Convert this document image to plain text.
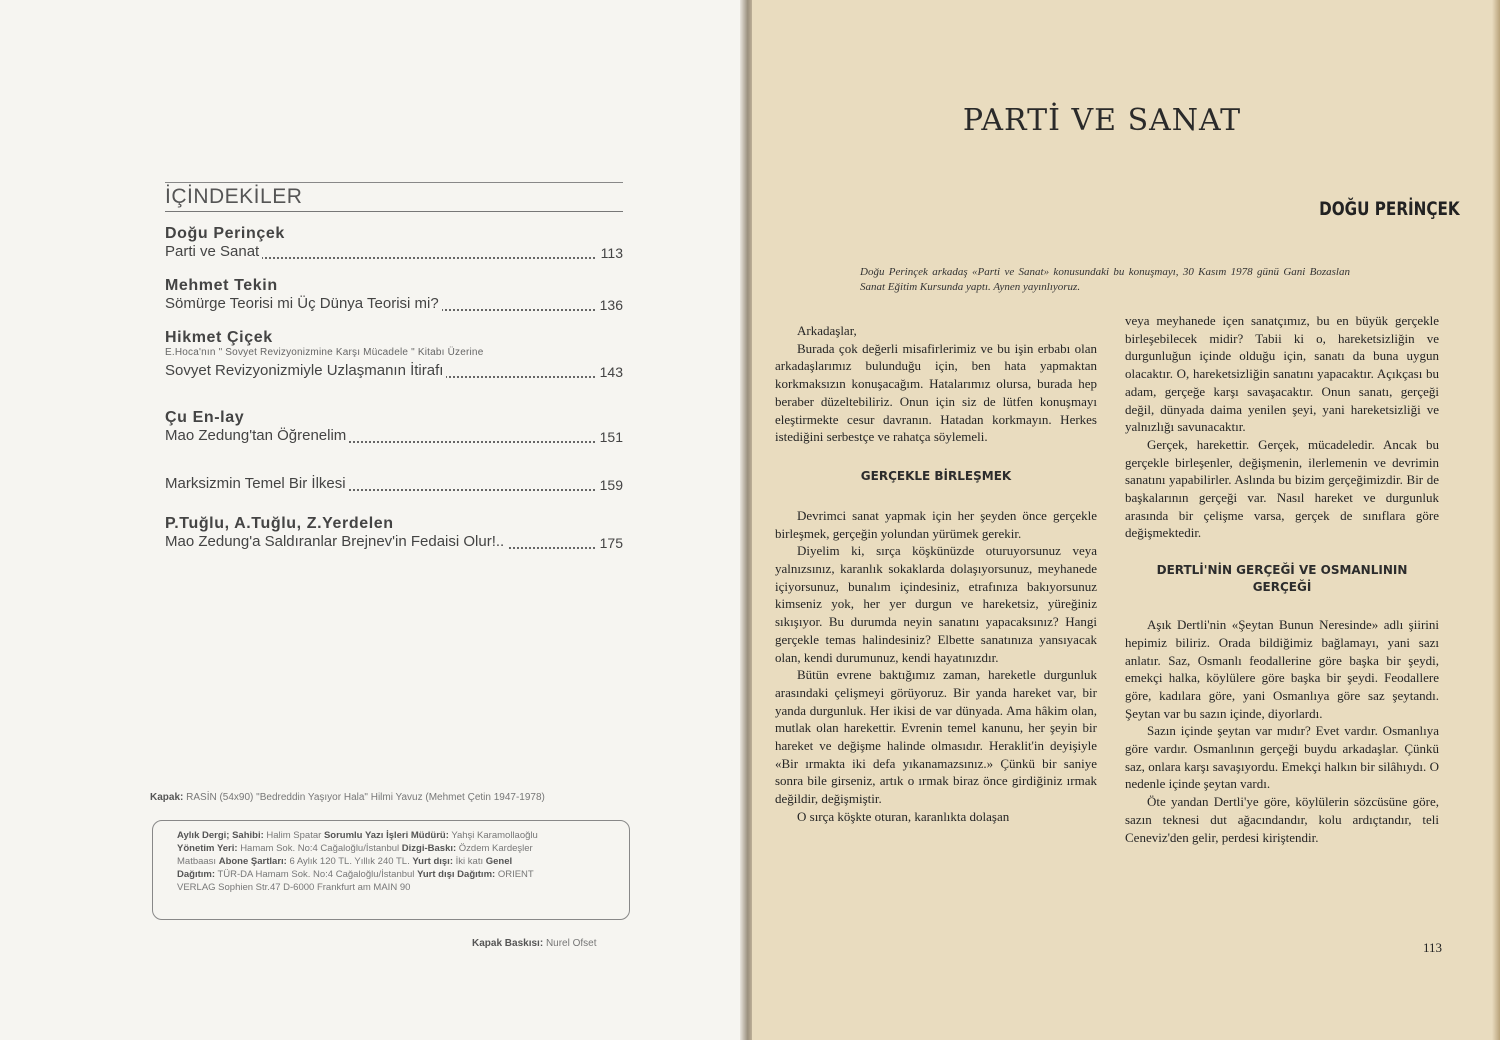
İÇİNDEKİLER
Doğu Perinçek
Parti ve Sanat	113
Mehmet Tekin
Sömürge Teorisi mi Üç Dünya Teorisi mi?	136
Hikmet Çiçek
E.Hoca'nın " Sovyet Revizyonizmine Karşı Mücadele " Kitabı Üzerine
Sovyet Revizyonizmiyle Uzlaşmanın İtirafı	143
Çu En-lay
Mao Zedung'tan Öğrenelim	151
Marksizmin Temel Bir İlkesi	159
P.Tuğlu, A.Tuğlu, Z.Yerdelen
Mao Zedung'a Saldıranlar Brejnev'in Fedaisi Olur!..	175
Kapak: RASİN (54x90) "Bedreddin Yaşıyor Hala" Hilmi Yavuz (Mehmet Çetin 1947-1978)
Aylık Dergi; Sahibi: Halim Spatar Sorumlu Yazı İşleri Müdürü: Yahşi Karamollaoğlu
Yönetim Yeri: Hamam Sok. No:4 Cağaloğlu/İstanbul Dizgi-Baskı: Özdem Kardeşler
Matbaası Abone Şartları: 6 Aylık 120 TL. Yıllık 240 TL. Yurt dışı: İki katı Genel
Dağıtım: TÜR-DA Hamam Sok. No:4 Cağaloğlu/İstanbul Yurt dışı Dağıtım: ORIENT
VERLAG Sophien Str.47 D-6000 Frankfurt am MAIN 90
Kapak Baskısı: Nurel Ofset
PARTİ VE SANAT
DOĞU PERİNÇEK
Doğu Perinçek arkadaş «Parti ve Sanat» konusundaki bu konuşmayı, 30 Kasım 1978 günü Gani Bozaslan Sanat Eğitim Kursunda yaptı. Aynen yayınlıyoruz.

Arkadaşlar,

Burada çok değerli misafirlerimiz ve bu işin erbabı olan arkadaşlarımız bulunduğu için, ben hata yapmaktan korkmaksızın konuşacağım. Hatalarımız olursa, burada hep beraber düzeltebiliriz. Onun için siz de lütfen konuşmayı eleştirmekte cesur davranın. Hatadan korkmayın. Herkes istediğini serbestçe ve rahatça söylemeli.

GERÇEKLE BİRLEŞMEK

Devrimci sanat yapmak için her şeyden önce gerçekle birleşmek, gerçeğin yolundan yürümek gerekir.

Diyelim ki, sırça köşkünüzde oturuyorsunuz veya yalnızsınız, karanlık sokaklarda dolaşıyorsunuz, meyhanede içiyorsunuz, bunalım içindesiniz, etrafınıza bakıyorsunuz kimseniz yok, her yer durgun ve hareketsiz, yüreğiniz sıkışıyor. Bu durumda neyin sanatını yapacaksınız? Hangi gerçekle temas halindesiniz? Elbette sanatınıza yansıyacak olan, kendi durumunuz, kendi hayatınızdır.

Bütün evrene baktığımız zaman, hareketle durgunluk arasındaki çelişmeyi görüyoruz. Bir yanda hareket var, bir yanda durgunluk. Her ikisi de var dünyada. Ama hâkim olan, mutlak olan harekettir. Evrenin temel kanunu, her şeyin bir hareket ve değişme halinde olmasıdır. Heraklit'in deyişiyle «Bir ırmakta iki defa yıkanamazsınız.» Çünkü bir saniye sonra bile girseniz, artık o ırmak biraz önce girdiğiniz ırmak değildir, değişmiştir.

O sırça köşkte oturan, karanlıkta dolaşan

veya meyhanede içen sanatçımız, bu en büyük gerçekle birleşebilecek midir? Tabii ki o, hareketsizliğin ve durgunluğun içinde olduğu için, sanatı da buna uygun olacaktır. O, hareketsizliğin sanatını yapacaktır. Açıkçası bu adam, gerçeğe karşı savaşacaktır. Onun sanatı, gerçeği değil, dünyada daima yenilen şeyi, yani hareketsizliği ve yalnızlığı savunacaktır.

Gerçek, harekettir. Gerçek, mücadeledir. Ancak bu gerçekle birleşenler, değişmenin, ilerlemenin ve devrimin sanatını yapabilirler. Aslında bu bizim gerçeğimizdir. Bir de başkalarının gerçeği var. Nasıl hareket ve durgunluk arasında bir çelişme varsa, gerçek de sınıflara göre değişmektedir.

DERTLİ'NİN GERÇEĞİ VE OSMANLININ GERÇEĞİ

Aşık Dertli'nin «Şeytan Bunun Neresinde» adlı şiirini hepimiz biliriz. Orada bildiğimiz bağlamayı, yani sazı anlatır. Saz, Osmanlı feodallerine göre başka bir şeydi, emekçi halka, köylülere göre başka bir şeydi. Feodallere göre, kadılara göre, yani Osmanlıya göre saz şeytandı. Şeytan var bu sazın içinde, diyorlardı.

Sazın içinde şeytan var mıdır? Evet vardır. Osmanlıya göre vardır. Osmanlının gerçeği buydu arkadaşlar. Çünkü saz, onlara karşı savaşıyordu. Emekçi halkın bir silâhıydı. O nedenle içinde şeytan vardı.

Öte yandan Dertli'ye göre, köylülerin sözcüsüne göre, sazın teknesi dut ağacındandır, kolu ardıçtandır, teli Ceneviz'den gelir, perdesi kiriştendir.

113
